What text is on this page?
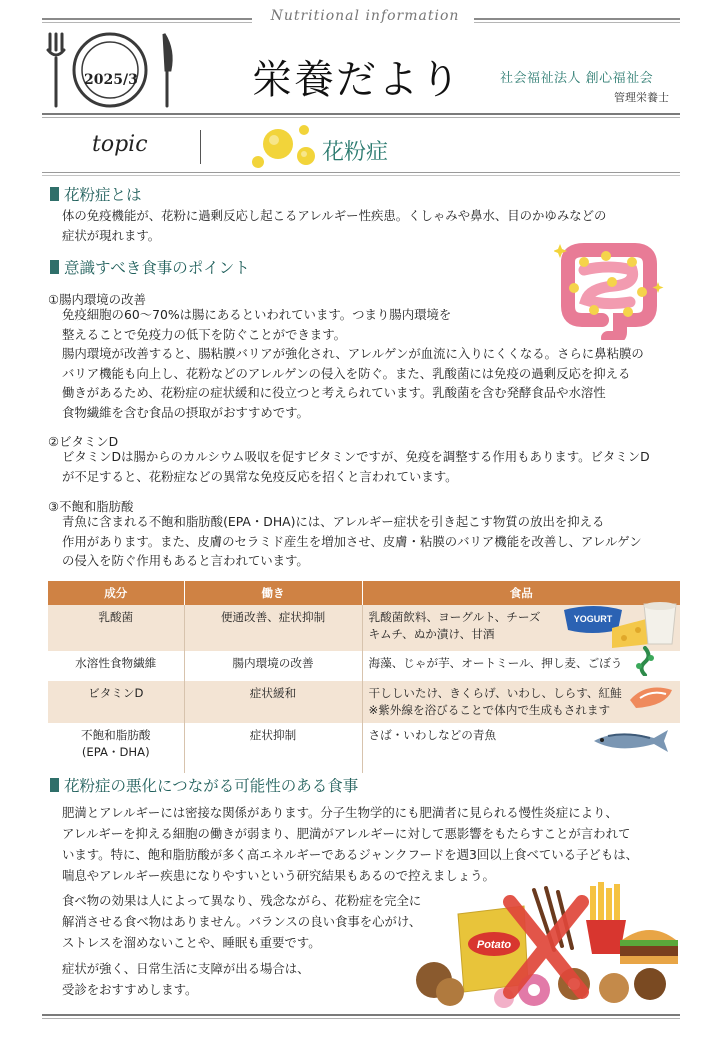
Nutritional information
2025/3	栄養だより	社会福祉法人 創心福祉会
管理栄養士
topic	花粉症
花粉症とは
体の免疫機能が、花粉に過剰反応し起こるアレルギー性疾患。くしゃみや鼻水、目のかゆみなどの
症状が現れます。
意識すべき食事のポイント
①腸内環境の改善
免疫細胞の60～70%は腸にあるといわれています。つまり腸内環境を
整えることで免疫力の低下を防ぐことができます。
腸内環境が改善すると、腸粘膜バリアが強化され、アレルゲンが血流に入りにくくなる。さらに鼻粘膜の
バリア機能も向上し、花粉などのアレルゲンの侵入を防ぐ。また、乳酸菌には免疫の過剰反応を抑える
働きがあるため、花粉症の症状緩和に役立つと考えられています。乳酸菌を含む発酵食品や水溶性
食物繊維を含む食品の摂取がおすすめです。
②ビタミンD
ビタミンDは腸からのカルシウム吸収を促すビタミンですが、免疫を調整する作用もあります。ビタミンD
が不足すると、花粉症などの異常な免疫反応を招くと言われています。
③不飽和脂肪酸
青魚に含まれる不飽和脂肪酸(EPA・DHA)には、アレルギー症状を引き起こす物質の放出を抑える
作用があります。また、皮膚のセラミド産生を増加させ、皮膚・粘膜のバリア機能を改善し、アレルゲン
の侵入を防ぐ作用もあると言われています。
成分	働き	食品

乳酸菌	便通改善、症状抑制	乳酸菌飲料、ヨーグルト、チーズ
キムチ、ぬか漬け、甘酒

水溶性食物繊維	腸内環境の改善	海藻、じゃが芋、オートミール、押し麦、ごぼう

ビタミンD	症状緩和	干ししいたけ、きくらげ、いわし、しらす、紅鮭
※紫外線を浴びることで体内で生成もされます

不飽和脂肪酸
(EPA・DHA)	症状抑制	さば・いわしなどの青魚
YOGURT
花粉症の悪化につながる可能性のある食事
肥満とアレルギーには密接な関係があります。分子生物学的にも肥満者に見られる慢性炎症により、
アレルギーを抑える細胞の働きが弱まり、肥満がアレルギーに対して悪影響をもたらすことが言われて
います。特に、飽和脂肪酸が多く高エネルギーであるジャンクフードを週3回以上食べている子どもは、
喘息やアレルギー疾患になりやすいという研究結果もあるので控えましょう。
食べ物の効果は人によって異なり、残念ながら、花粉症を完全に
解消させる食べ物はありません。バランスの良い食事を心がけ、
ストレスを溜めないことや、睡眠も重要です。
症状が強く、日常生活に支障が出る場合は、
受診をおすすめします。
Potato
